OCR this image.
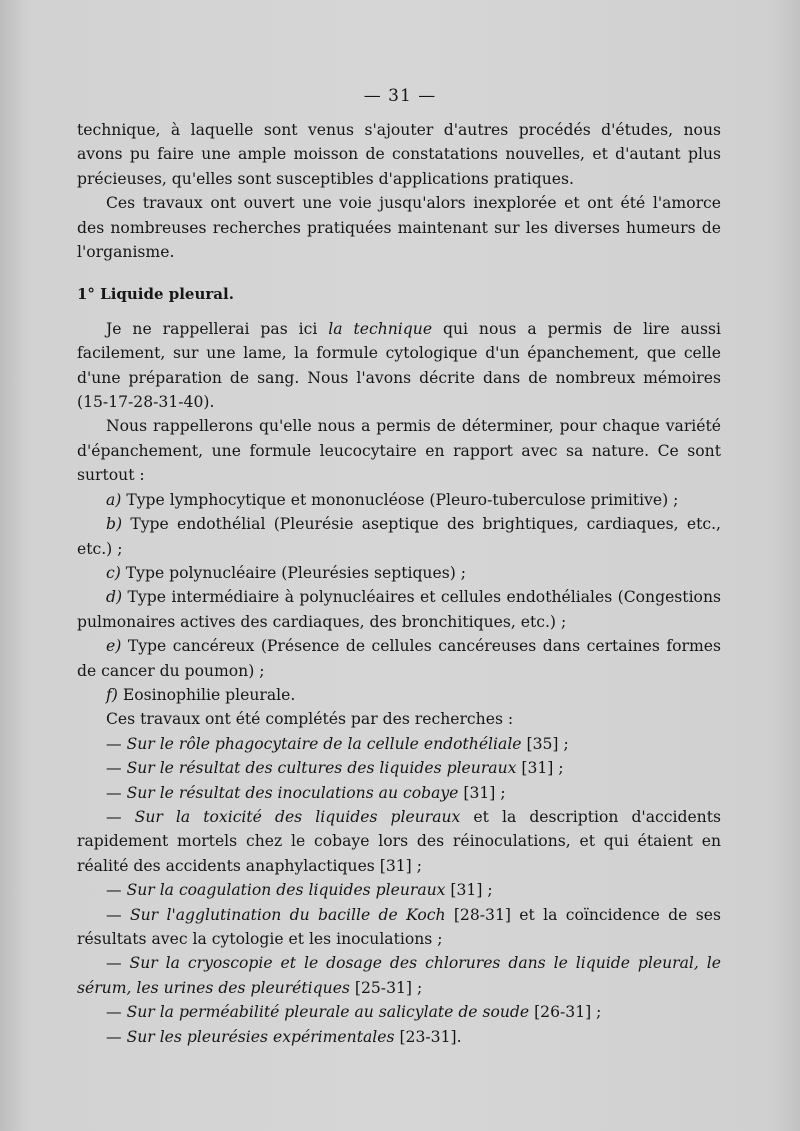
— 31 —

technique, à laquelle sont venus s'ajouter d'autres procédés d'études, nous avons pu faire une ample moisson de constatations nouvelles, et d'autant plus précieuses, qu'elles sont susceptibles d'applications pratiques.

Ces travaux ont ouvert une voie jusqu'alors inexplorée et ont été l'amorce des nombreuses recherches pratiquées maintenant sur les diverses humeurs de l'organisme.

1° Liquide pleural.

Je ne rappellerai pas ici la technique qui nous a permis de lire aussi facilement, sur une lame, la formule cytologique d'un épanchement, que celle d'une préparation de sang. Nous l'avons décrite dans de nombreux mémoires (15-17-28-31-40).

Nous rappellerons qu'elle nous a permis de déterminer, pour chaque variété d'épanchement, une formule leucocytaire en rapport avec sa nature. Ce sont surtout :

a) Type lymphocytique et mononucléose (Pleuro-tuberculose primitive) ;

b) Type endothélial (Pleurésie aseptique des brightiques, cardiaques, etc., etc.) ;

c) Type polynucléaire (Pleurésies septiques) ;

d) Type intermédiaire à polynucléaires et cellules endothéliales (Congestions pulmonaires actives des cardiaques, des bronchitiques, etc.) ;

e) Type cancéreux (Présence de cellules cancéreuses dans certaines formes de cancer du poumon) ;

f) Eosinophilie pleurale.

Ces travaux ont été complétés par des recherches :

— Sur le rôle phagocytaire de la cellule endothéliale [35] ;

— Sur le résultat des cultures des liquides pleuraux [31] ;

— Sur le résultat des inoculations au cobaye [31] ;

— Sur la toxicité des liquides pleuraux et la description d'accidents rapidement mortels chez le cobaye lors des réinoculations, et qui étaient en réalité des accidents anaphylactiques [31] ;

— Sur la coagulation des liquides pleuraux [31] ;

— Sur l'agglutination du bacille de Koch [28-31] et la coïncidence de ses résultats avec la cytologie et les inoculations ;

— Sur la cryoscopie et le dosage des chlorures dans le liquide pleural, le sérum, les urines des pleurétiques [25-31] ;

— Sur la perméabilité pleurale au salicylate de soude [26-31] ;

— Sur les pleurésies expérimentales [23-31].
